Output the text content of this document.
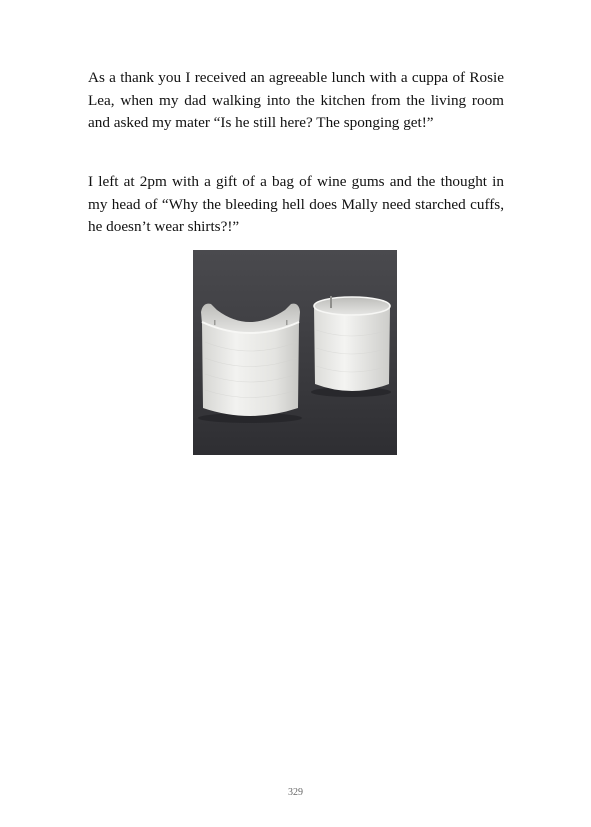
As a thank you I received an agreeable lunch with a cuppa of Rosie Lea, when my dad walking into the kitchen from the living room and asked my mater “Is he still here? The sponging get!”

I left at 2pm with a gift of a bag of wine gums and the thought in my head of “Why the bleeding hell does Mally need starched cuffs, he doesn’t wear shirts?!”

329
